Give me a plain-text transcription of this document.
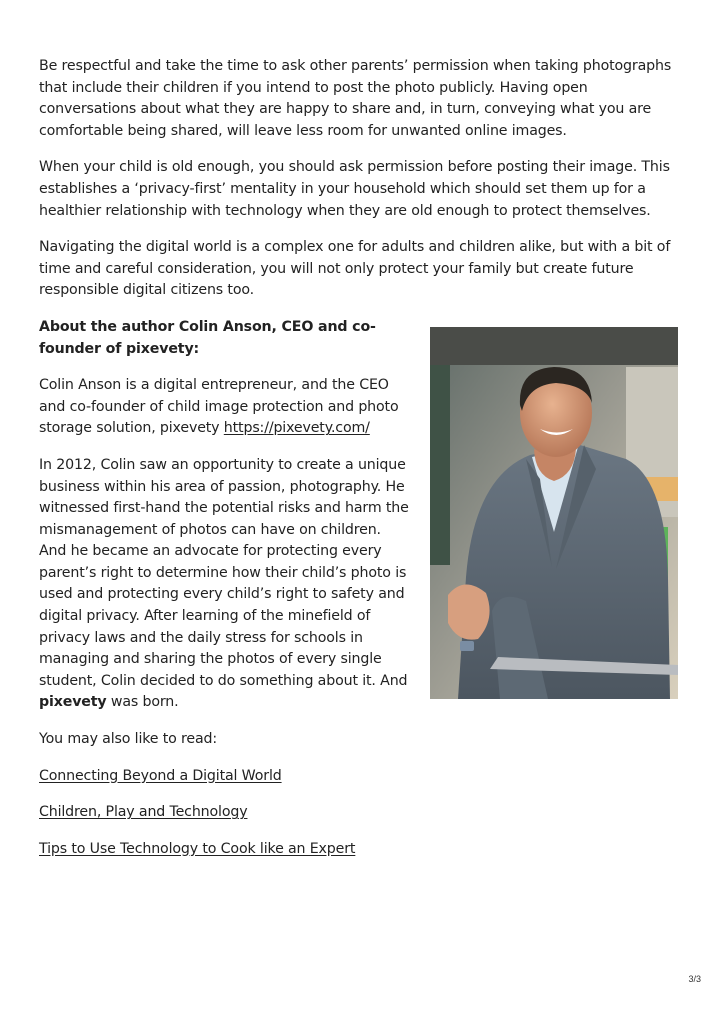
Be respectful and take the time to ask other parents’ permission when taking photographs that include their children if you intend to post the photo publicly. Having open conversations about what they are happy to share and, in turn, conveying what you are comfortable being shared, will leave less room for unwanted online images.

When your child is old enough, you should ask permission before posting their image. This establishes a ‘privacy-first’ mentality in your household which should set them up for a healthier relationship with technology when they are old enough to protect themselves.

Navigating the digital world is a complex one for adults and children alike, but with a bit of time and careful consideration, you will not only protect your family but create future responsible digital citizens too.

About the author Colin Anson, CEO and co-founder of pixevety:

Colin Anson is a digital entrepreneur, and the CEO and co-founder of child image protection and photo storage solution, pixevety https://pixevety.com/

In 2012, Colin saw an opportunity to create a unique business within his area of passion, photography. He witnessed first-hand the potential risks and harm the mismanagement of photos can have on children. And he became an advocate for protecting every parent’s right to determine how their child’s photo is used and protecting every child’s right to safety and digital privacy. After learning of the minefield of privacy laws and the daily stress for schools in managing and sharing the photos of every single student, Colin decided to do something about it. And pixevety was born.

You may also like to read:

Connecting Beyond a Digital World

Children, Play and Technology

Tips to Use Technology to Cook like an Expert

3/3
